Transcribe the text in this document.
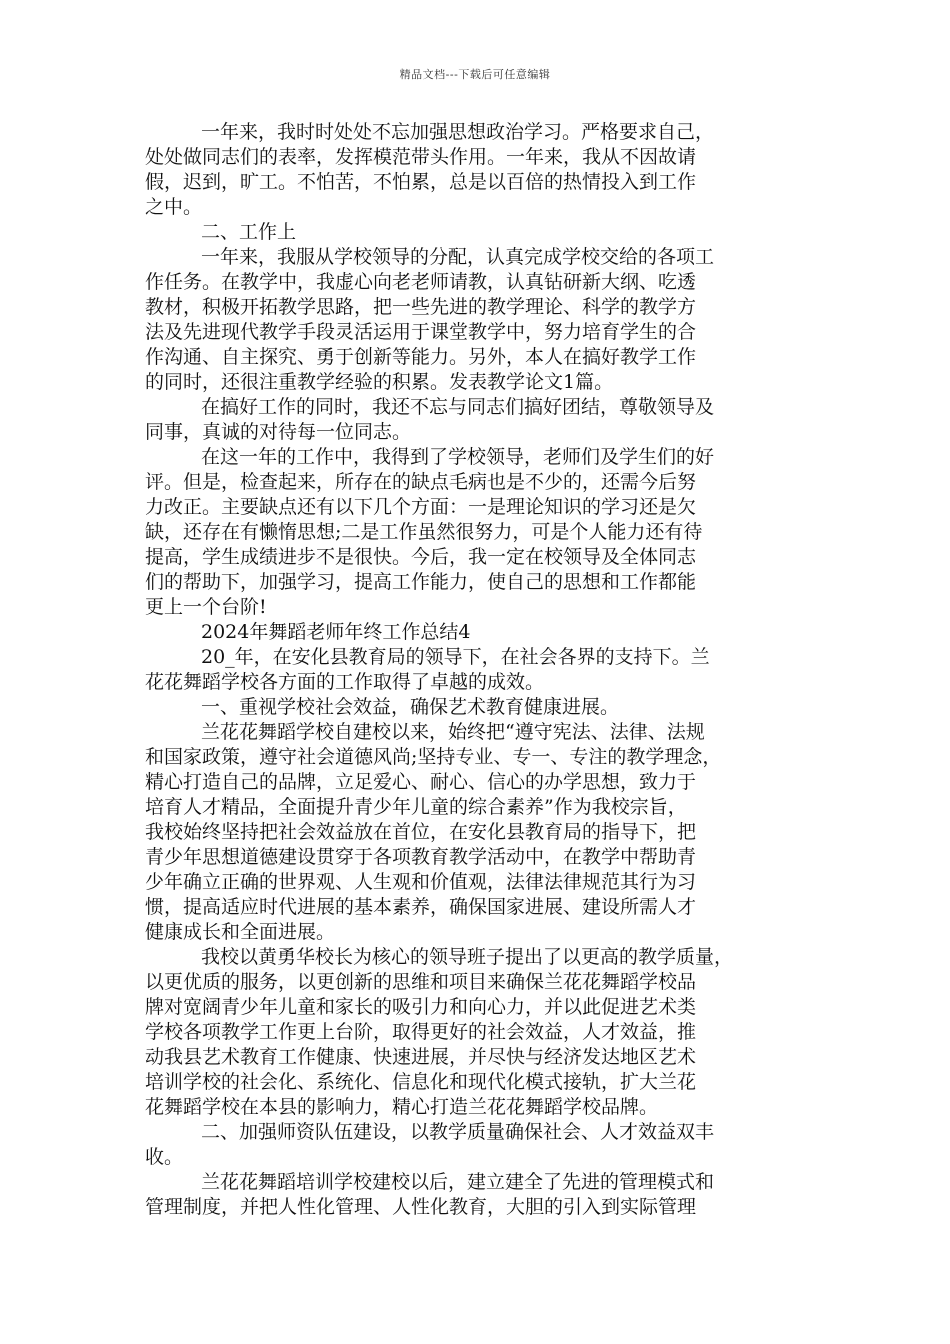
精品文档---下载后可任意编辑
一年来，我时时处处不忘加强思想政治学习。严格要求自己，
处处做同志们的表率，发挥模范带头作用。一年来，我从不因故请
假，迟到，旷工。不怕苦，不怕累，总是以百倍的热情投入到工作
之中。
二、工作上
一年来，我服从学校领导的分配，认真完成学校交给的各项工
作任务。在教学中，我虚心向老老师请教，认真钻研新大纲、吃透
教材，积极开拓教学思路，把一些先进的教学理论、科学的教学方
法及先进现代教学手段灵活运用于课堂教学中，努力培育学生的合
作沟通、自主探究、勇于创新等能力。另外，本人在搞好教学工作
的同时，还很注重教学经验的积累。发表教学论文1篇。
在搞好工作的同时，我还不忘与同志们搞好团结，尊敬领导及
同事，真诚的对待每一位同志。
在这一年的工作中，我得到了学校领导，老师们及学生们的好
评。但是，检查起来，所存在的缺点毛病也是不少的，还需今后努
力改正。主要缺点还有以下几个方面：一是理论知识的学习还是欠
缺，还存在有懒惰思想;二是工作虽然很努力，可是个人能力还有待
提高，学生成绩进步不是很快。今后，我一定在校领导及全体同志
们的帮助下，加强学习，提高工作能力，使自己的思想和工作都能
更上一个台阶!
2024年舞蹈老师年终工作总结4
20_年，在安化县教育局的领导下，在社会各界的支持下。兰
花花舞蹈学校各方面的工作取得了卓越的成效。
一、重视学校社会效益，确保艺术教育健康进展。
兰花花舞蹈学校自建校以来，始终把“遵守宪法、法律、法规
和国家政策，遵守社会道德风尚;坚持专业、专一、专注的教学理念，
精心打造自己的品牌，立足爱心、耐心、信心的办学思想，致力于
培育人才精品，全面提升青少年儿童的综合素养”作为我校宗旨，
我校始终坚持把社会效益放在首位，在安化县教育局的指导下，把
青少年思想道德建设贯穿于各项教育教学活动中，在教学中帮助青
少年确立正确的世界观、人生观和价值观，法律法律规范其行为习
惯，提高适应时代进展的基本素养，确保国家进展、建设所需人才
健康成长和全面进展。
我校以黄勇华校长为核心的领导班子提出了以更高的教学质量，
以更优质的服务，以更创新的思维和项目来确保兰花花舞蹈学校品
牌对宽阔青少年儿童和家长的吸引力和向心力，并以此促进艺术类
学校各项教学工作更上台阶，取得更好的社会效益，人才效益，推
动我县艺术教育工作健康、快速进展，并尽快与经济发达地区艺术
培训学校的社会化、系统化、信息化和现代化模式接轨，扩大兰花
花舞蹈学校在本县的影响力，精心打造兰花花舞蹈学校品牌。
二、加强师资队伍建设，以教学质量确保社会、人才效益双丰
收。
兰花花舞蹈培训学校建校以后，建立建全了先进的管理模式和
管理制度，并把人性化管理、人性化教育，大胆的引入到实际管理
